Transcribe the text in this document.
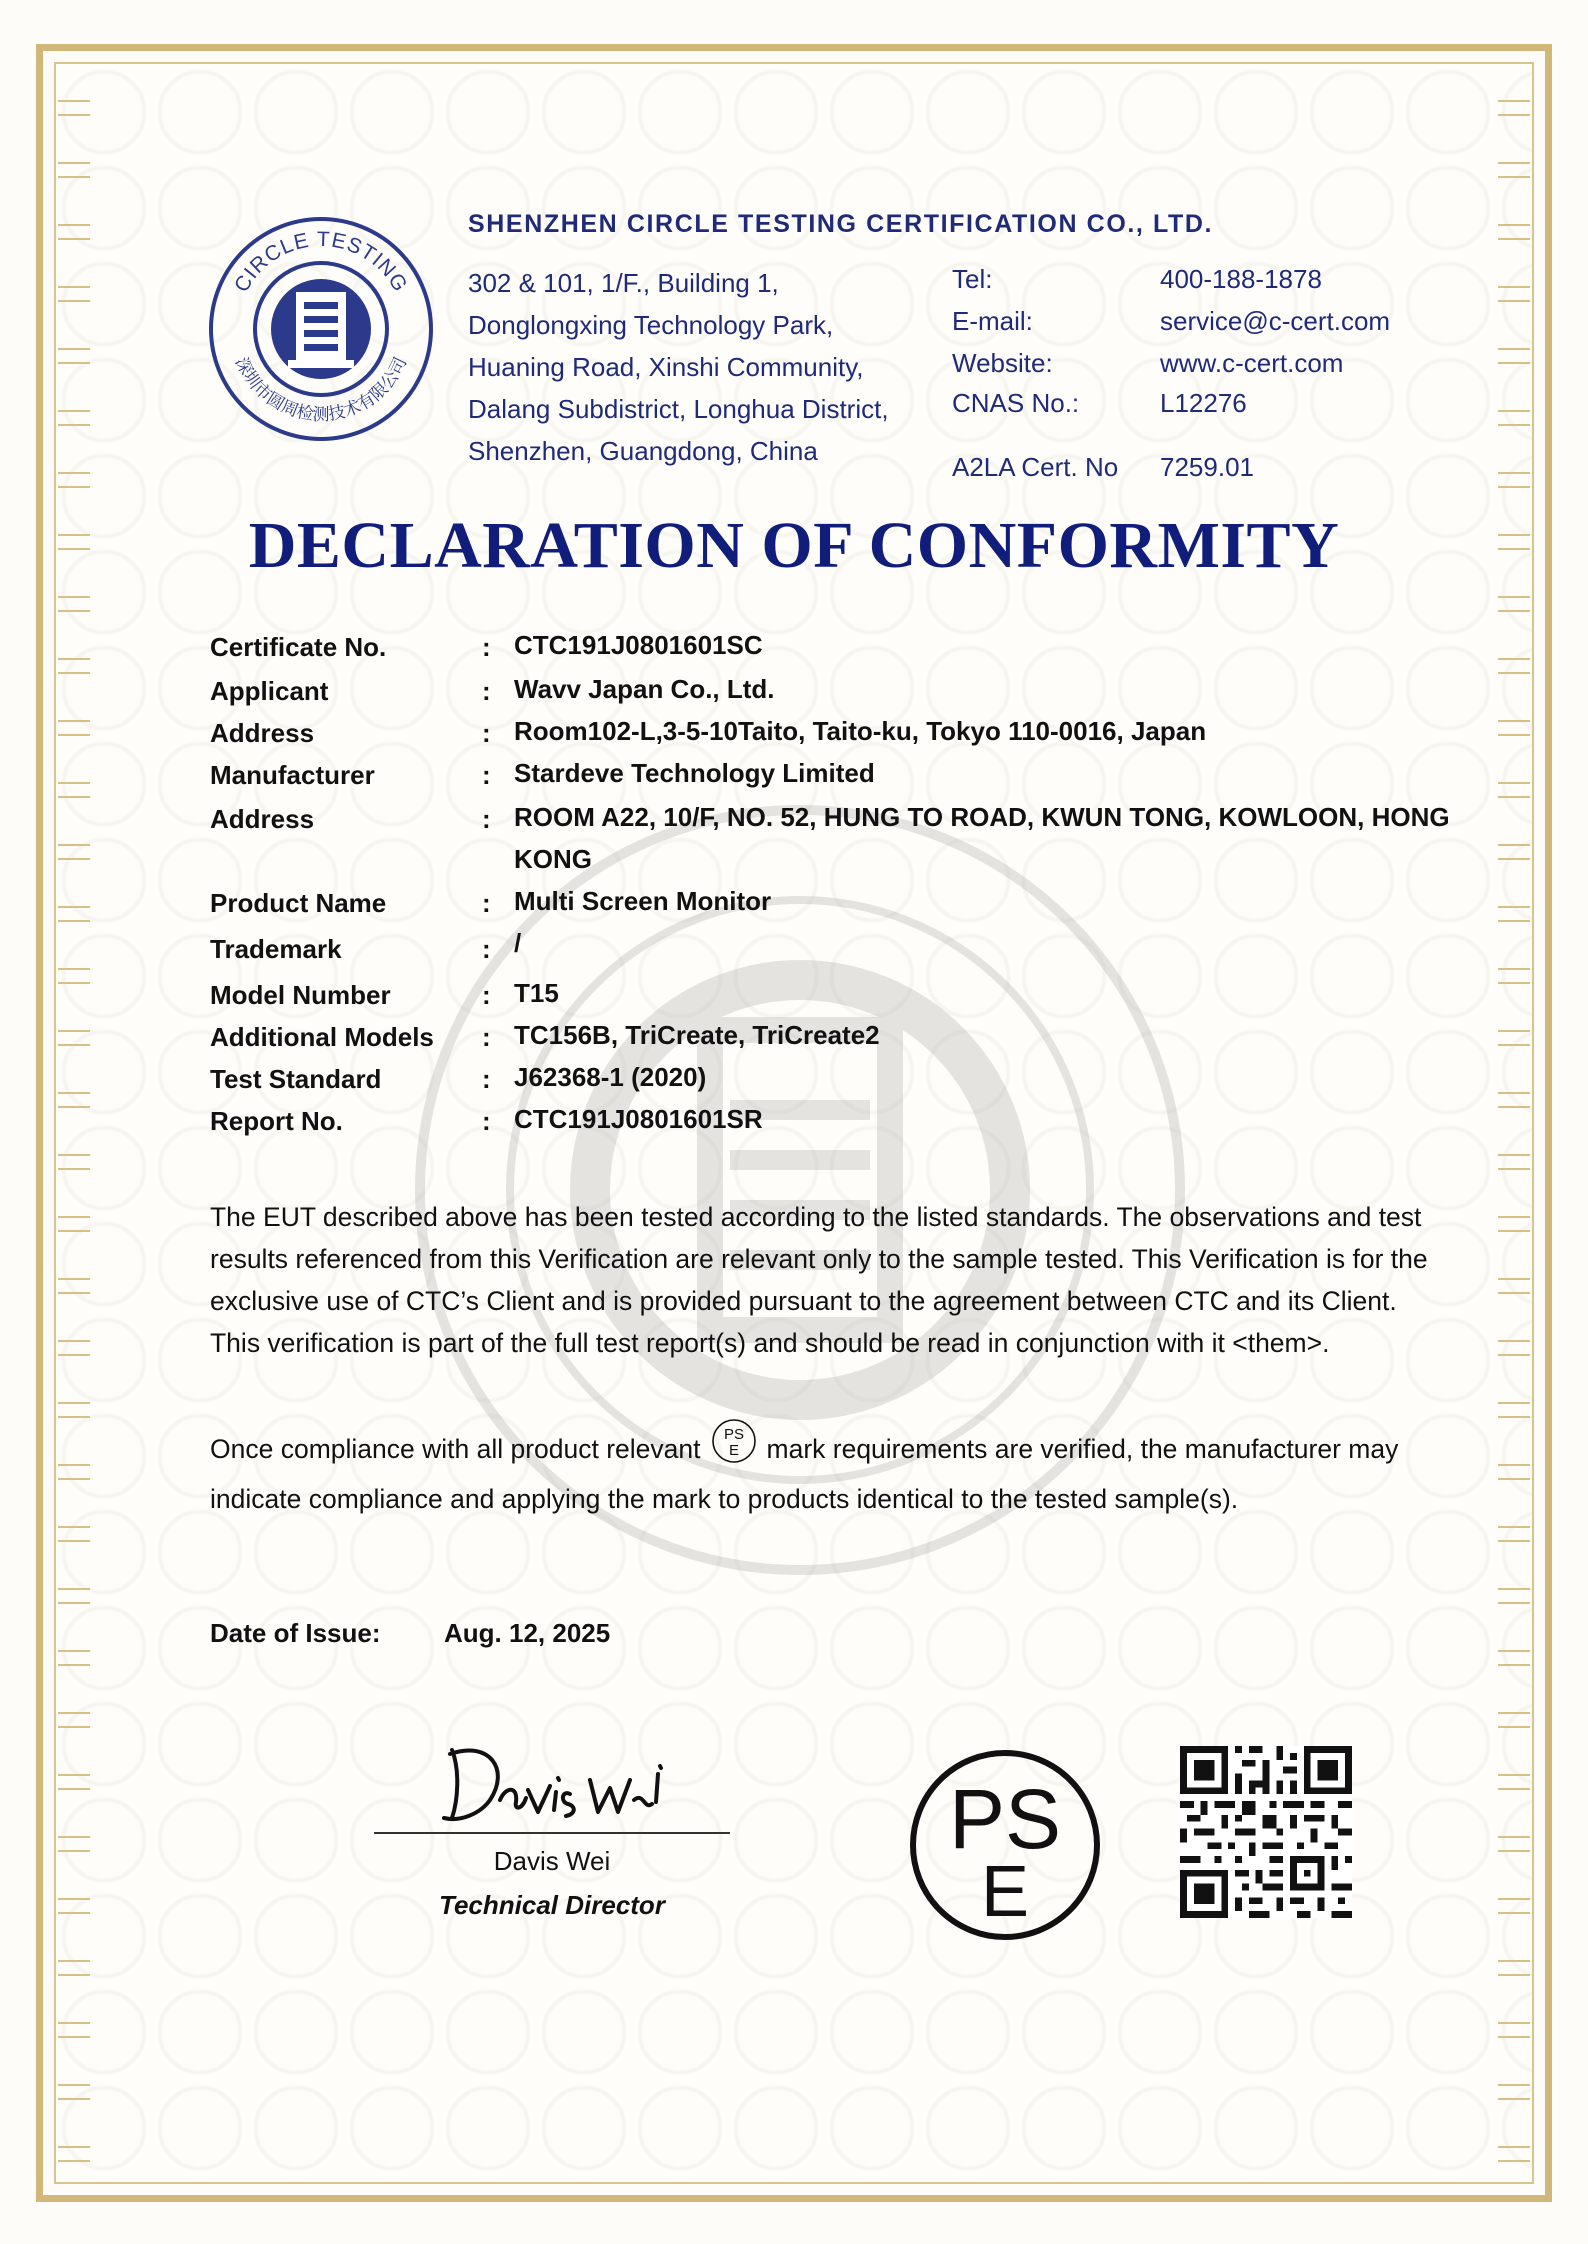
CIRCLE TESTING
深圳市圆周检测技术有限公司
SHENZHEN CIRCLE TESTING CERTIFICATION CO., LTD.
302 & 101, 1/F., Building 1,
Donglongxing Technology Park,
Huaning Road, Xinshi Community,
Dalang Subdistrict, Longhua District,
Shenzhen, Guangdong, China
Tel:	400-188-1878
E-mail:	service@c-cert.com
Website:	www.c-cert.com
CNAS No.:	L12276
A2LA Cert. No 7259.01
DECLARATION OF CONFORMITY
Certificate No.	: CTC191J0801601SC
Applicant	: Wavv Japan Co., Ltd.
Address	: Room102-L,3-5-10Taito, Taito-ku, Tokyo 110-0016, Japan
Manufacturer	: Stardeve Technology Limited
Address	: ROOM A22, 10/F, NO. 52, HUNG TO ROAD, KWUN TONG, KOWLOON, HONG KONG
Product Name	: Multi Screen Monitor
Trademark	: /
Model Number	: T15
Additional Models : TC156B, TriCreate, TriCreate2
Test Standard	: J62368-1 (2020)
Report No.	: CTC191J0801601SR
The EUT described above has been tested according to the listed standards. The observations and test results referenced from this Verification are relevant only to the sample tested. This Verification is for the exclusive use of CTC’s Client and is provided pursuant to the agreement between CTC and its Client. This verification is part of the full test report(s) and should be read in conjunction with it <them>.
Once compliance with all product relevant PS
E mark requirements are verified, the manufacturer may indicate compliance and applying the mark to products identical to the tested sample(s).
Date of Issue: Aug. 12, 2025
Davis Wei
Technical Director
PS
E
